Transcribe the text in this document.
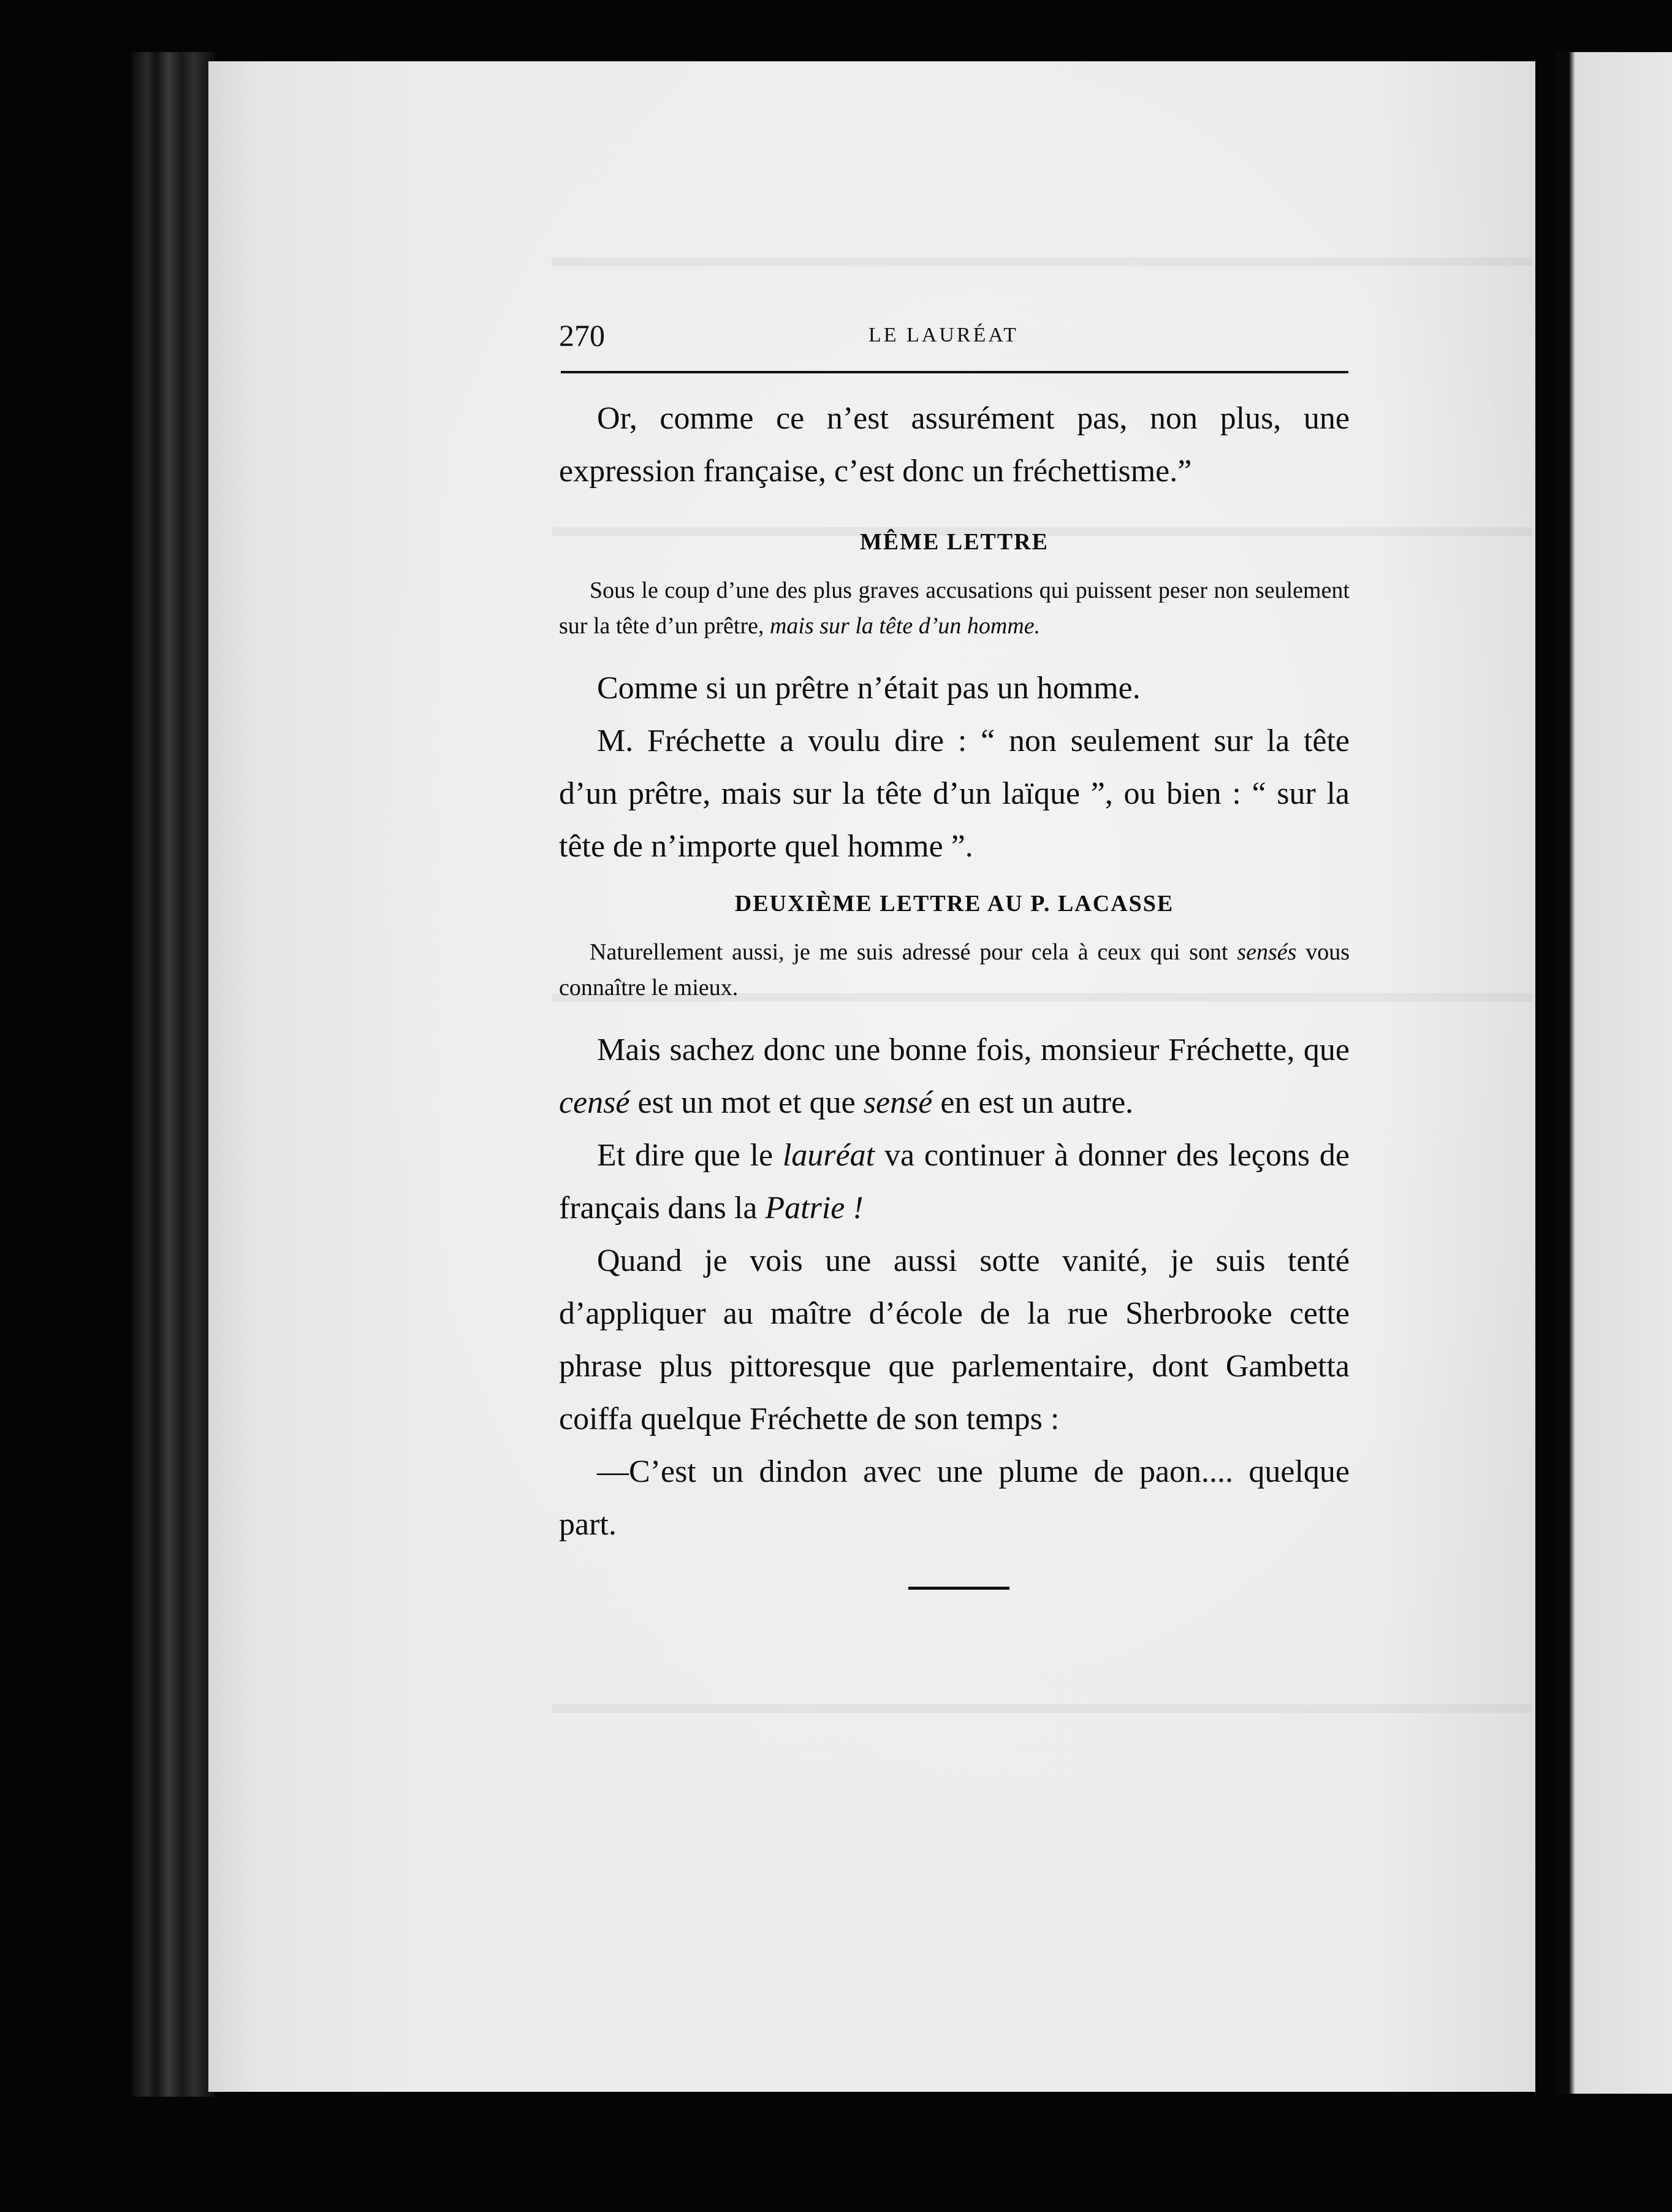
270	LE LAURÉAT

Or, comme ce n’est assurément pas, non plus, une expression française, c’est donc un fréchettisme.”

MÊME LETTRE

Sous le coup d’une des plus graves accusations qui puissent peser non seulement sur la tête d’un prêtre, mais sur la tête d’un homme.

Comme si un prêtre n’était pas un homme.

M. Fréchette a voulu dire : “ non seulement sur la tête d’un prêtre, mais sur la tête d’un laïque ”, ou bien : “ sur la tête de n’importe quel homme ”.

DEUXIÈME LETTRE AU P. LACASSE

Naturellement aussi, je me suis adressé pour cela à ceux qui sont sensés vous connaître le mieux.

Mais sachez donc une bonne fois, monsieur Fréchette, que censé est un mot et que sensé en est un autre.

Et dire que le lauréat va continuer à donner des leçons de français dans la Patrie !

Quand je vois une aussi sotte vanité, je suis tenté d’appliquer au maître d’école de la rue Sherbrooke cette phrase plus pittoresque que parlementaire, dont Gambetta coiffa quelque Fréchette de son temps :

—C’est un dindon avec une plume de paon.... quelque part.
